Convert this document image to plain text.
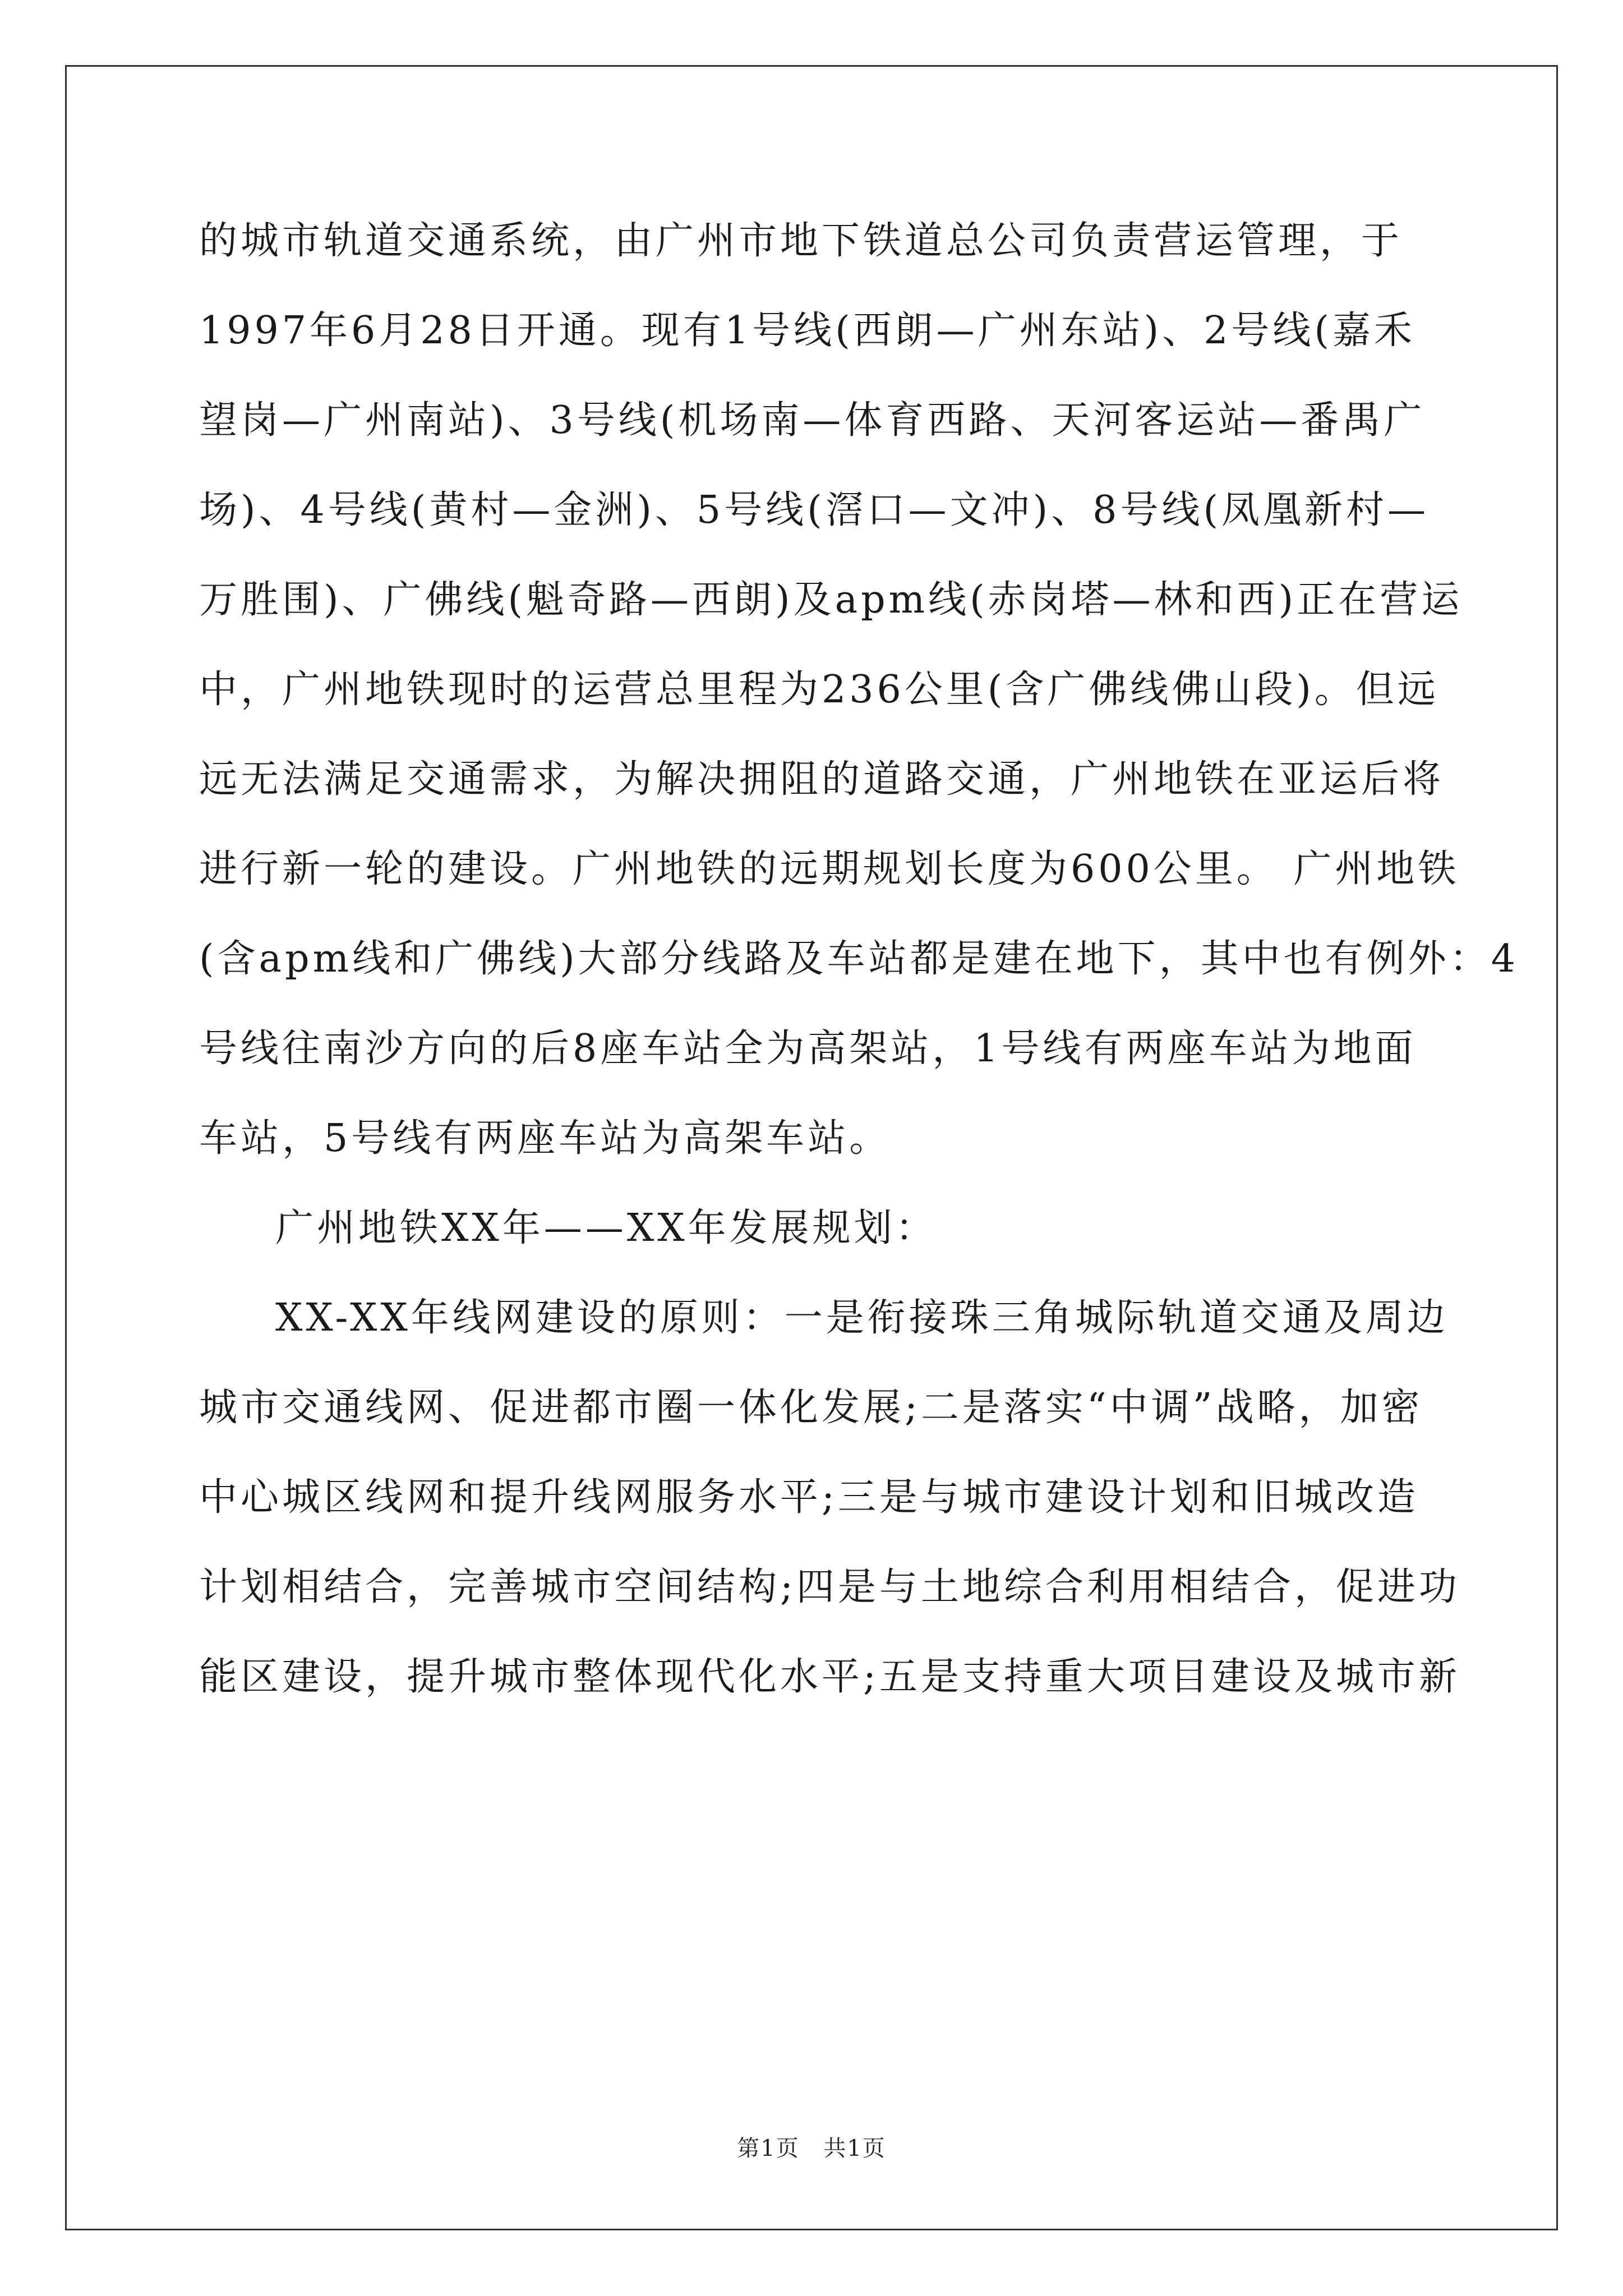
的城市轨道交通系统，由广州市地下铁道总公司负责营运管理，于
1997年6月28日开通。现有1号线(西朗—广州东站)、2号线(嘉禾
望岗—广州南站)、3号线(机场南—体育西路、天河客运站—番禺广
场)、4号线(黄村—金洲)、5号线(滘口—文冲)、8号线(凤凰新村—
万胜围)、广佛线(魁奇路—西朗)及apm线(赤岗塔—林和西)正在营运
中，广州地铁现时的运营总里程为236公里(含广佛线佛山段)。但远
远无法满足交通需求，为解决拥阻的道路交通，广州地铁在亚运后将
进行新一轮的建设。广州地铁的远期规划长度为600公里。 广州地铁
(含apm线和广佛线)大部分线路及车站都是建在地下，其中也有例外：4
号线往南沙方向的后8座车站全为高架站，1号线有两座车站为地面
车站，5号线有两座车站为高架车站。
广州地铁XX年——XX年发展规划：
XX-XX年线网建设的原则：一是衔接珠三角城际轨道交通及周边
城市交通线网、促进都市圈一体化发展;二是落实“中调”战略，加密
中心城区线网和提升线网服务水平;三是与城市建设计划和旧城改造
计划相结合，完善城市空间结构;四是与土地综合利用相结合，促进功
能区建设，提升城市整体现代化水平;五是支持重大项目建设及城市新
第1页 共1页
